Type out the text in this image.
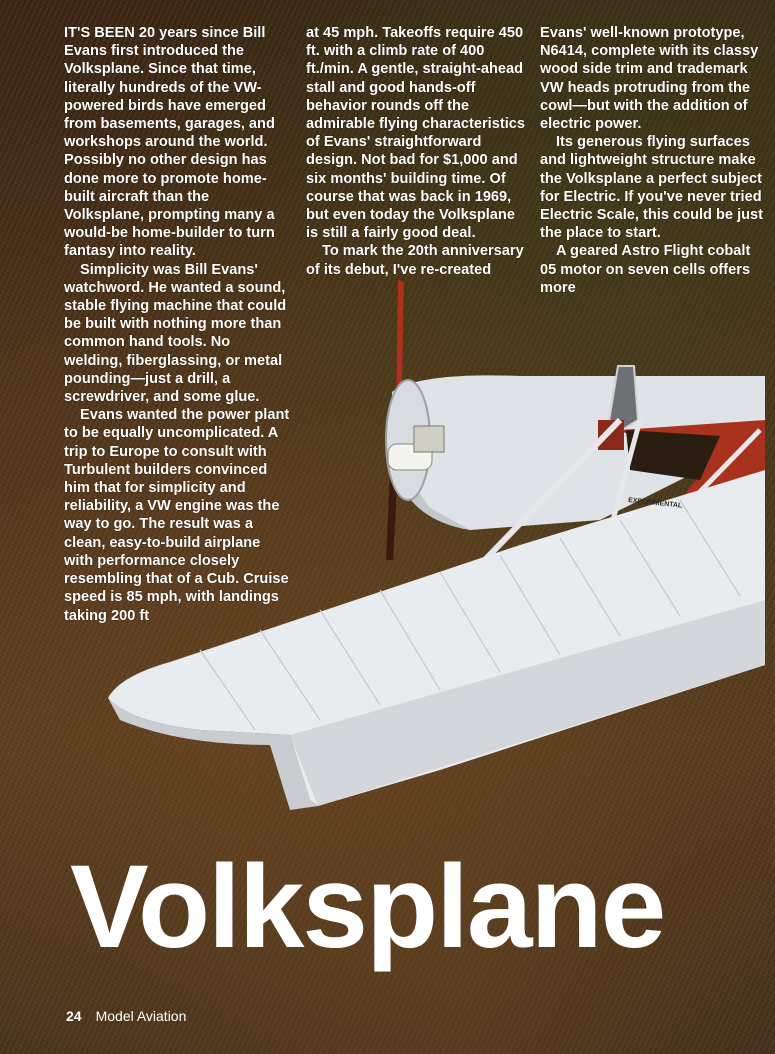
EXPERIMENTAL

IT'S BEEN 20 years since Bill Evans first introduced the Volksplane. Since that time, literally hundreds of the VW-powered birds have emerged from basements, garages, and workshops around the world. Possibly no other design has done more to promote home-built aircraft than the Volksplane, prompting many a would-be home-builder to turn fantasy into reality.

Simplicity was Bill Evans' watchword. He wanted a sound, stable flying machine that could be built with nothing more than common hand tools. No welding, fiberglassing, or metal pounding—just a drill, a screwdriver, and some glue.

Evans wanted the power plant to be equally uncomplicated. A trip to Europe to consult with Turbulent builders convinced him that for simplicity and reliability, a VW engine was the way to go. The result was a clean, easy-to-build airplane with performance closely resembling that of a Cub. Cruise speed is 85 mph, with landings taking 200 ft

at 45 mph. Takeoffs require 450 ft. with a climb rate of 400 ft./min. A gentle, straight-ahead stall and good hands-off behavior rounds off the admirable flying characteristics of Evans' straightforward design. Not bad for $1,000 and six months' building time. Of course that was back in 1969, but even today the Volksplane is still a fairly good deal.

To mark the 20th anniversary of its debut, I've re-created

Evans' well-known prototype, N6414, complete with its classy wood side trim and trademark VW heads protruding from the cowl—but with the addition of electric power.

Its generous flying surfaces and lightweight structure make the Volksplane a perfect subject for Electric. If you've never tried Electric Scale, this could be just the place to start.

A geared Astro Flight cobalt 05 motor on seven cells offers more

Volksplane
24 Model Aviation
